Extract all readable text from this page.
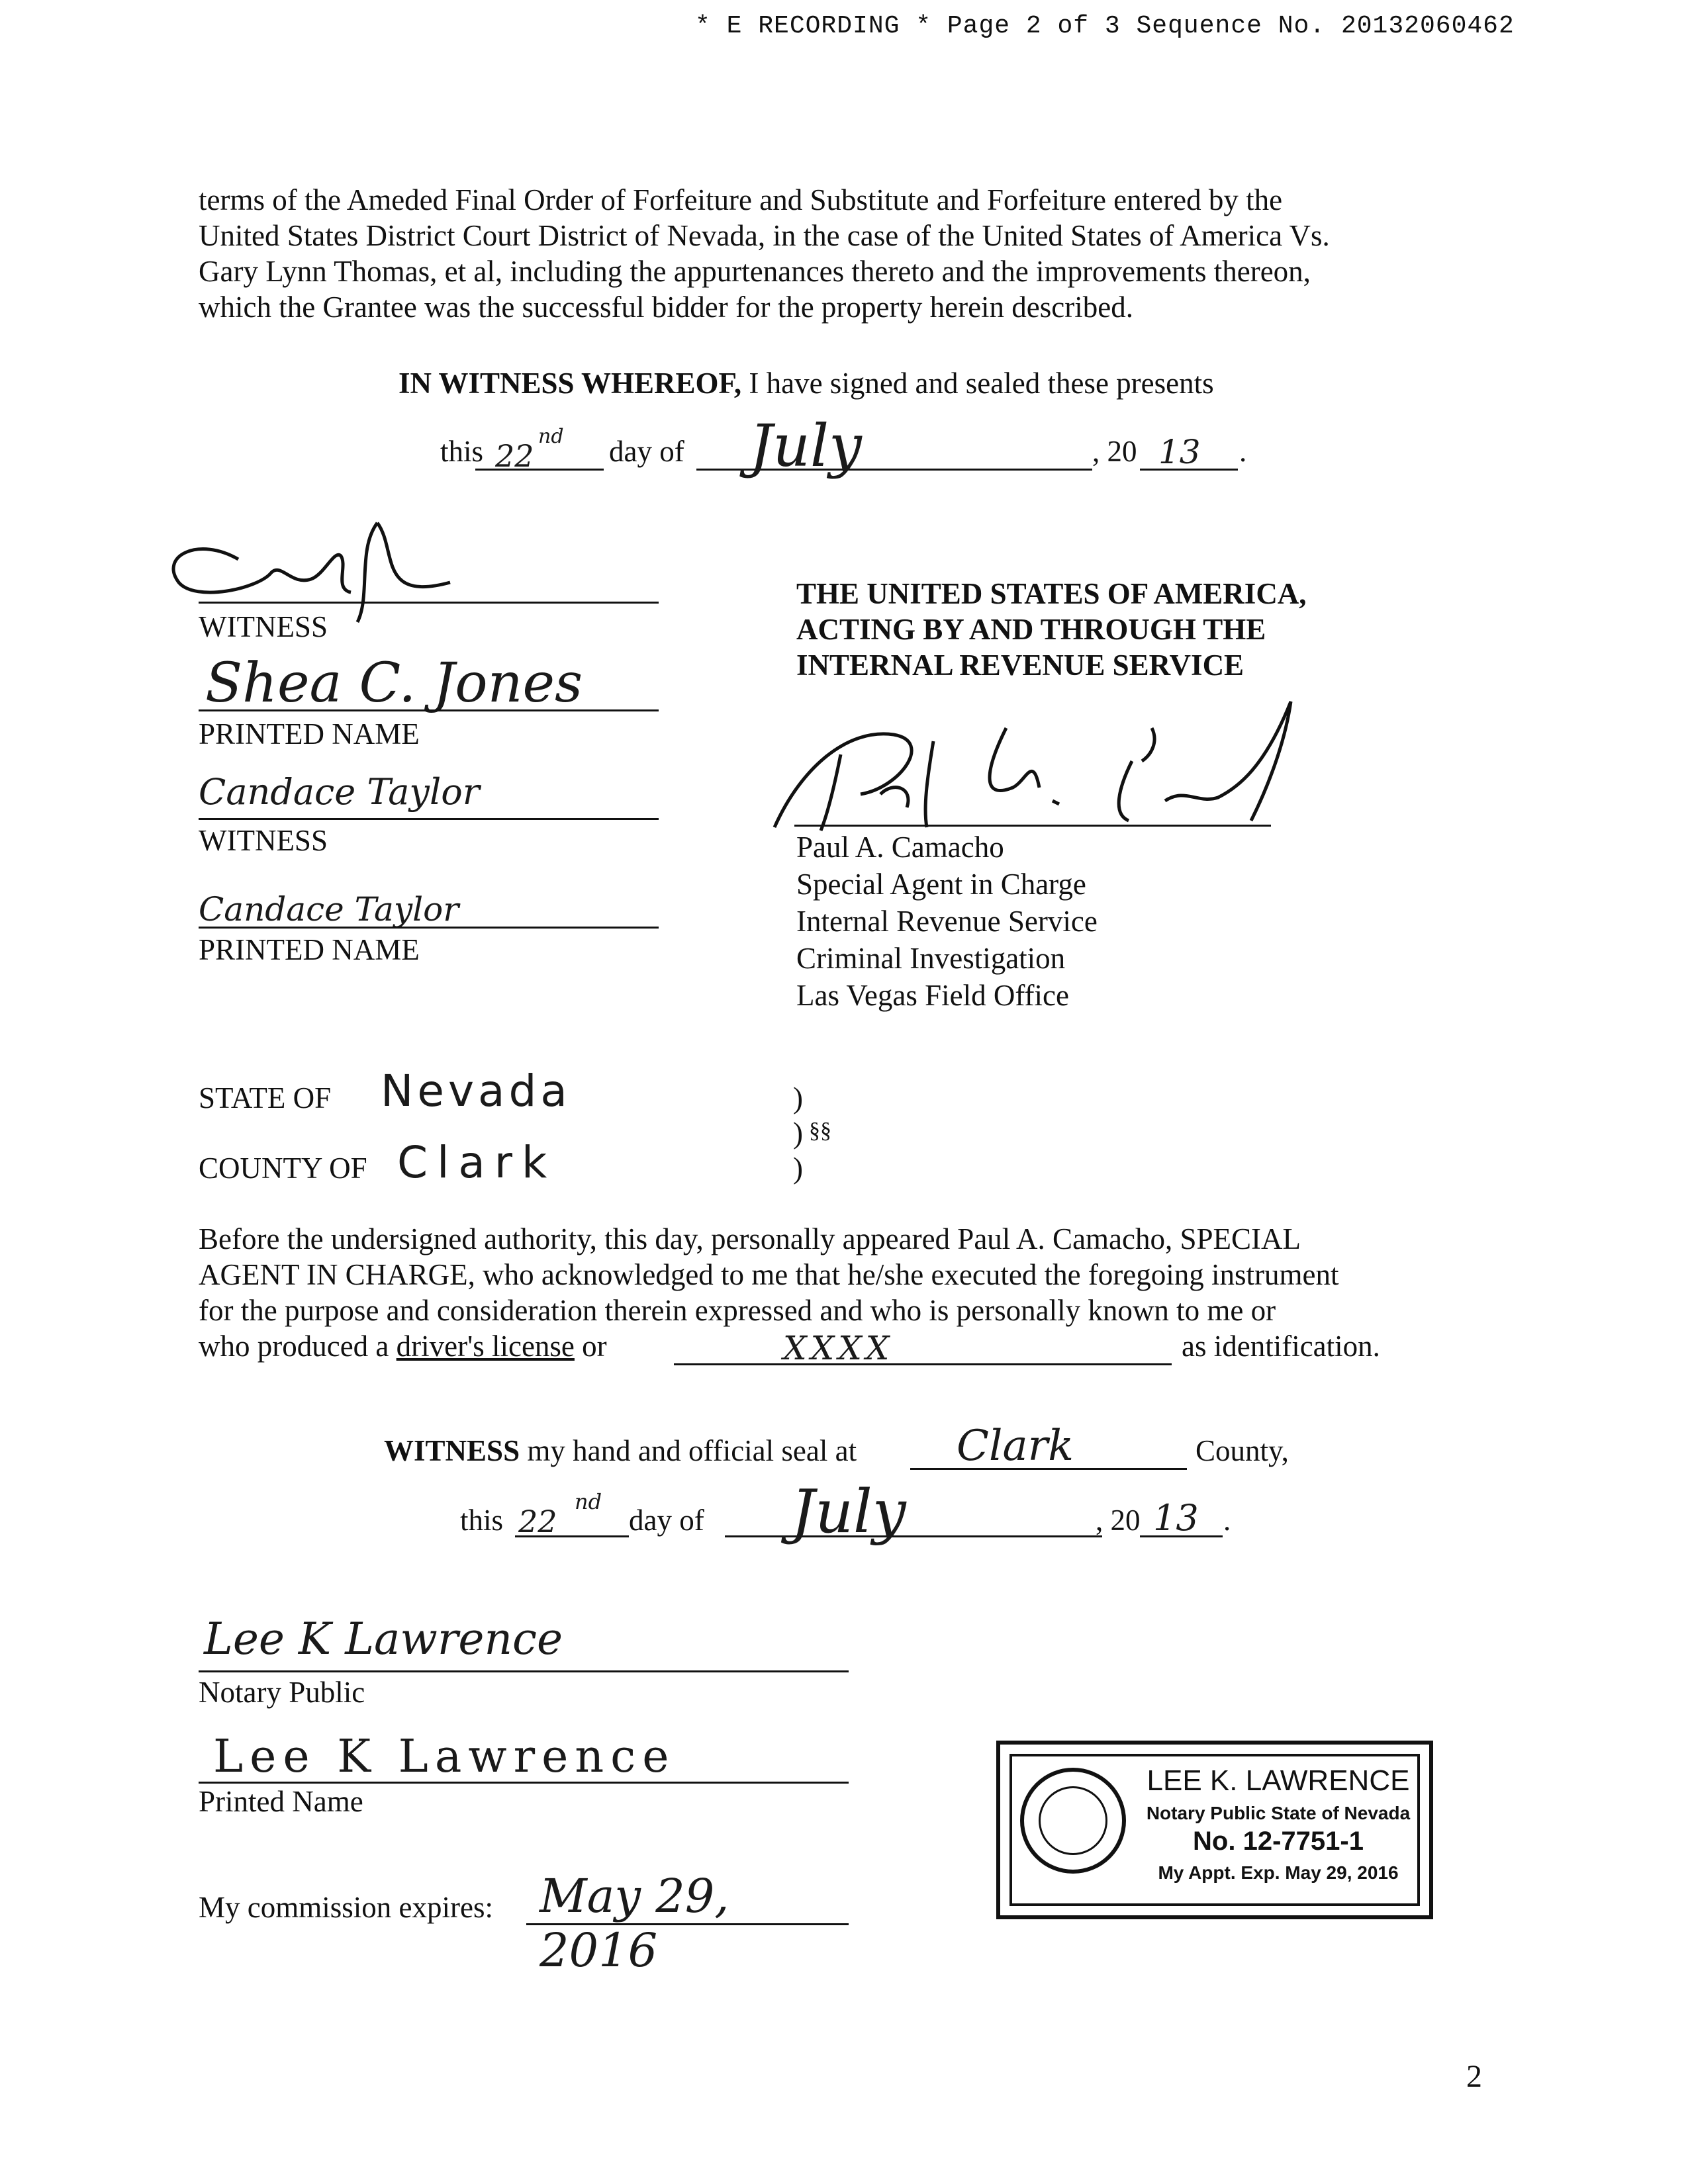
* E RECORDING * Page 2 of 3 Sequence No. 20132060462

terms of the Ameded Final Order of Forfeiture and Substitute and Forfeiture entered by the

United States District Court District of Nevada, in the case of the United States of America Vs.

Gary Lynn Thomas, et al, including the appurtenances thereto and the improvements thereon,

which the Grantee was the successful bidder for the property herein described.

IN WITNESS WHEREOF, I have signed and sealed these presents
this 22
nd day of July	, 20 13 .
WITNESS
Shea C. Jones
PRINTED NAME
Candace Taylor
WITNESS
Candace Taylor
PRINTED NAME
THE UNITED STATES OF AMERICA,
ACTING BY AND THROUGH THE
INTERNAL REVENUE SERVICE
Paul A. Camacho
Special Agent in Charge
Internal Revenue Service
Criminal Investigation
Las Vegas Field Office
STATE OF Nevada
COUNTY OF Clark
)
) §§
)

Before the undersigned authority, this day, personally appeared Paul A. Camacho, SPECIAL

AGENT IN CHARGE, who acknowledged to me that he/she executed the foregoing instrument

for the purpose and consideration therein expressed and who is personally known to me or

who produced a driver's license or	XXXX	as identification.
WITNESS my hand and official seal at Clark	County,
this 22
nd
day of July	, 20 13 .
Lee K Lawrence
Notary Public
Lee K Lawrence
Printed Name
My commission expires: May 29, 2016
LEE K. LAWRENCE
Notary Public State of Nevada
No. 12-7751-1
My Appt. Exp. May 29, 2016
2
